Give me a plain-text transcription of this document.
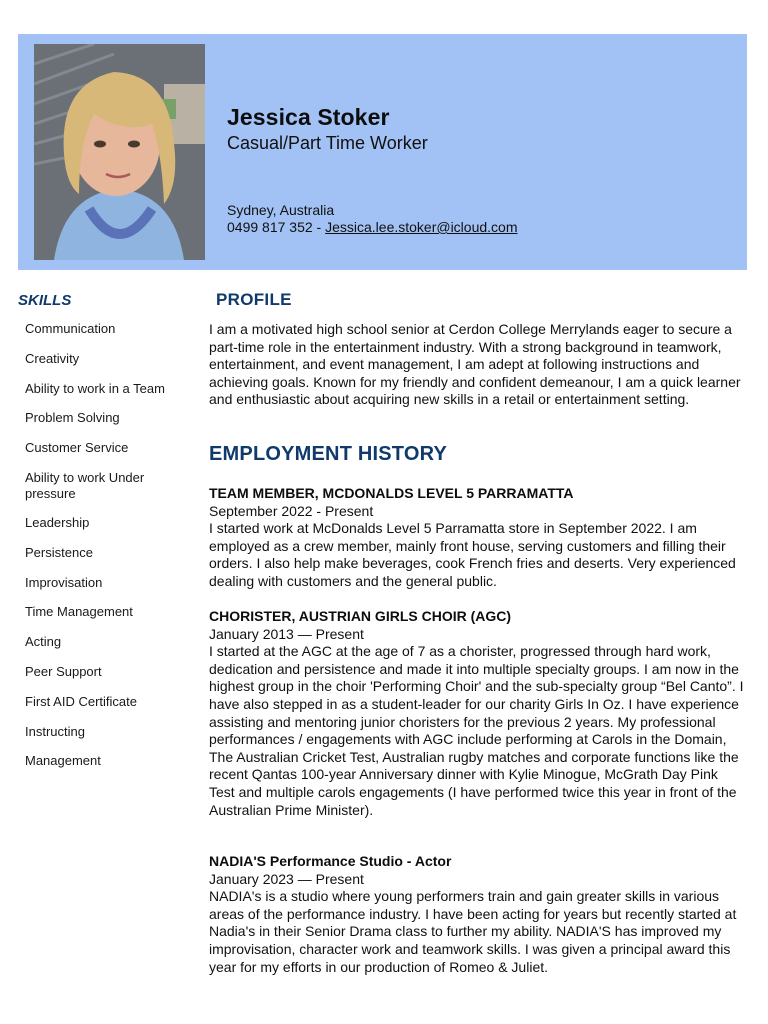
Jessica Stoker
Casual/Part Time Worker
Sydney, Australia
0499 817 352 - Jessica.lee.stoker@icloud.com
SKILLS
Communication
Creativity
Ability to work in a Team
Problem Solving
Customer Service
Ability to work Under pressure
Leadership
Persistence
Improvisation
Time Management
Acting
Peer Support
First AID Certificate
Instructing
Management
PROFILE

I am a motivated high school senior at Cerdon College Merrylands eager to secure a part-time role in the entertainment industry. With a strong background in teamwork, entertainment, and event management, I am adept at following instructions and achieving goals. Known for my friendly and confident demeanour, I am a quick learner and enthusiastic about acquiring new skills in a retail or entertainment setting.

EMPLOYMENT HISTORY
TEAM MEMBER, MCDONALDS LEVEL 5 PARRAMATTA
September 2022 - Present

I started work at McDonalds Level 5 Parramatta store in September 2022. I am employed as a crew member, mainly front house, serving customers and filling their orders. I also help make beverages, cook French fries and deserts. Very experienced dealing with customers and the general public.

CHORISTER, AUSTRIAN GIRLS CHOIR (AGC)
January 2013 — Present

I started at the AGC at the age of 7 as a chorister, progressed through hard work, dedication and persistence and made it into multiple specialty groups. I am now in the highest group in the choir 'Performing Choir' and the sub-specialty group “Bel Canto”. I have also stepped in as a student-leader for our charity Girls In Oz. I have experience assisting and mentoring junior choristers for the previous 2 years. My professional performances / engagements with AGC include performing at Carols in the Domain, The Australian Cricket Test, Australian rugby matches and corporate functions like the recent Qantas 100-year Anniversary dinner with Kylie Minogue, McGrath Day Pink Test and multiple carols engagements (I have performed twice this year in front of the Australian Prime Minister).

NADIA'S Performance Studio - Actor
January 2023 — Present

NADIA's is a studio where young performers train and gain greater skills in various areas of the performance industry. I have been acting for years but recently started at Nadia's in their Senior Drama class to further my ability. NADIA'S has improved my improvisation, character work and teamwork skills. I was given a principal award this year for my efforts in our production of Romeo & Juliet.
